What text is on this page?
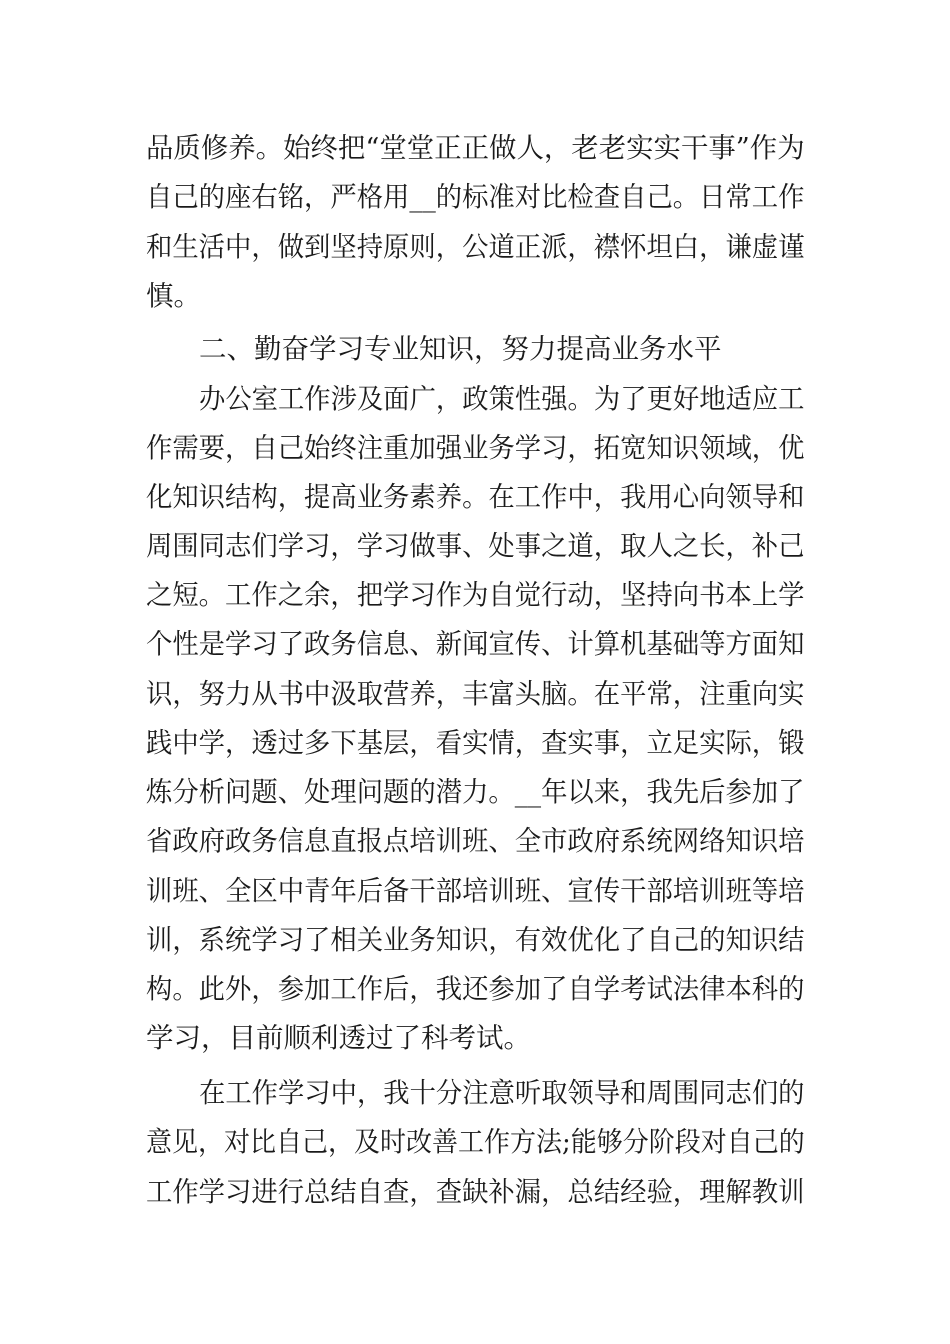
品质修养。始终把“堂堂正正做人，老老实实干事”作为
自己的座右铭，严格用__的标准对比检查自己。日常工作
和生活中，做到坚持原则，公道正派，襟怀坦白，谦虚谨
慎。
二、勤奋学习专业知识，努力提高业务水平
办公室工作涉及面广，政策性强。为了更好地适应工
作需要，自己始终注重加强业务学习，拓宽知识领域，优
化知识结构，提高业务素养。在工作中，我用心向领导和
周围同志们学习，学习做事、处事之道，取人之长，补己
之短。工作之余，把学习作为自觉行动，坚持向书本上学
个性是学习了政务信息、新闻宣传、计算机基础等方面知
识，努力从书中汲取营养，丰富头脑。在平常，注重向实
践中学，透过多下基层，看实情，查实事，立足实际，锻
炼分析问题、处理问题的潜力。__年以来，我先后参加了
省政府政务信息直报点培训班、全市政府系统网络知识培
训班、全区中青年后备干部培训班、宣传干部培训班等培
训，系统学习了相关业务知识，有效优化了自己的知识结
构。此外，参加工作后，我还参加了自学考试法律本科的
学习，目前顺利透过了科考试。
在工作学习中，我十分注意听取领导和周围同志们的
意见，对比自己，及时改善工作方法;能够分阶段对自己的
工作学习进行总结自查，查缺补漏，总结经验，理解教训
